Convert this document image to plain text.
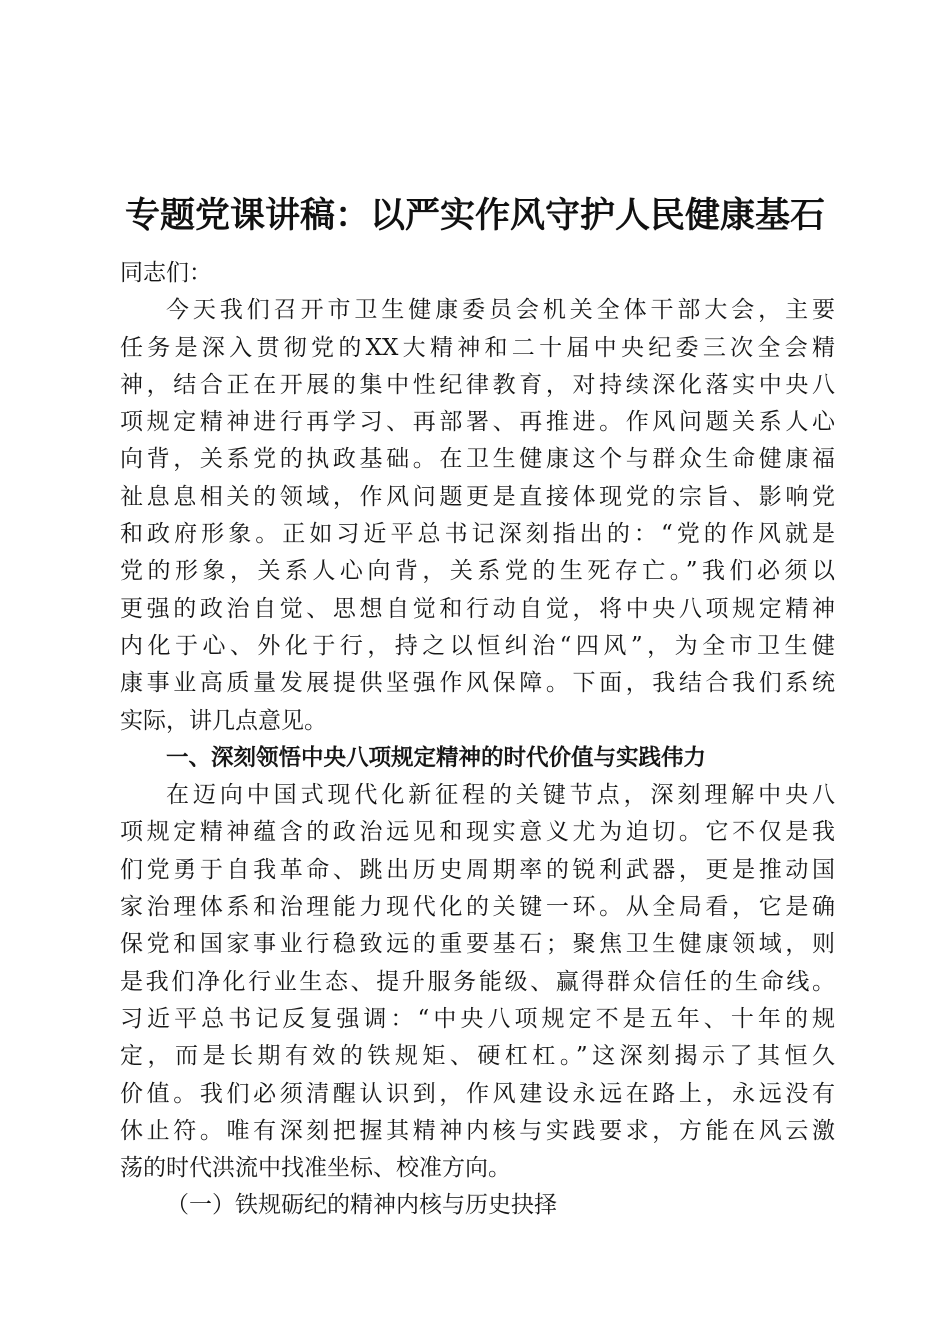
专题党课讲稿：以严实作风守护人民健康基石
同志们：
今天我们召开市卫生健康委员会机关全体干部大会，主要
任务是深入贯彻党的XX大精神和二十届中央纪委三次全会精
神，结合正在开展的集中性纪律教育，对持续深化落实中央八
项规定精神进行再学习、再部署、再推进。作风问题关系人心
向背，关系党的执政基础。在卫生健康这个与群众生命健康福
祉息息相关的领域，作风问题更是直接体现党的宗旨、影响党
和政府形象。正如习近平总书记深刻指出的：“党的作风就是
党的形象，关系人心向背，关系党的生死存亡。”我们必须以
更强的政治自觉、思想自觉和行动自觉，将中央八项规定精神
内化于心、外化于行，持之以恒纠治“四风”，为全市卫生健
康事业高质量发展提供坚强作风保障。下面，我结合我们系统
实际，讲几点意见。
一、深刻领悟中央八项规定精神的时代价值与实践伟力
在迈向中国式现代化新征程的关键节点，深刻理解中央八
项规定精神蕴含的政治远见和现实意义尤为迫切。它不仅是我
们党勇于自我革命、跳出历史周期率的锐利武器，更是推动国
家治理体系和治理能力现代化的关键一环。从全局看，它是确
保党和国家事业行稳致远的重要基石；聚焦卫生健康领域，则
是我们净化行业生态、提升服务能级、赢得群众信任的生命线。
习近平总书记反复强调：“中央八项规定不是五年、十年的规
定，而是长期有效的铁规矩、硬杠杠。”这深刻揭示了其恒久
价值。我们必须清醒认识到，作风建设永远在路上，永远没有
休止符。唯有深刻把握其精神内核与实践要求，方能在风云激
荡的时代洪流中找准坐标、校准方向。
（一）铁规砺纪的精神内核与历史抉择
